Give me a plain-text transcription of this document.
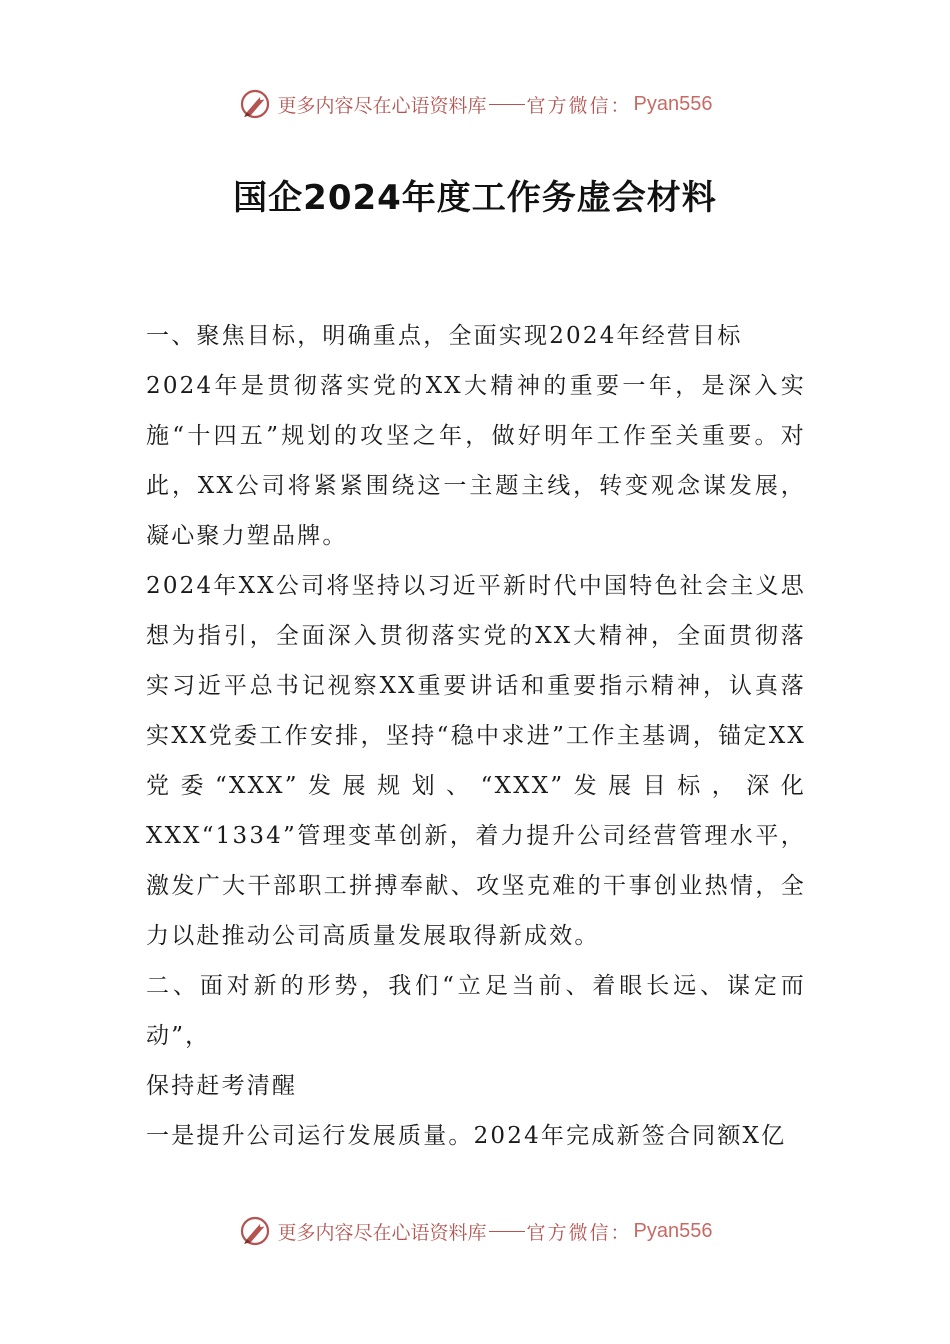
更多内容尽在心语资料库 官方微信： Pyan556
国企2024年度工作务虚会材料

一、聚焦目标，明确重点，全面实现2024年经营目标

2024年是贯彻落实党的XX大精神的重要一年，是深入实施“十四五”规划的攻坚之年，做好明年工作至关重要。对此，XX公司将紧紧围绕这一主题主线，转变观念谋发展，凝心聚力塑品牌。

2024年XX公司将坚持以习近平新时代中国特色社会主义思想为指引，全面深入贯彻落实党的XX大精神，全面贯彻落实习近平总书记视察XX重要讲话和重要指示精神，认真落实XX党委工作安排，坚持“稳中求进”工作主基调，锚定XX党委“XXX”发展规划、“XXX”发展目标，深化XXX“1334”管理变革创新，着力提升公司经营管理水平，激发广大干部职工拼搏奉献、攻坚克难的干事创业热情，全力以赴推动公司高质量发展取得新成效。

二、面对新的形势，我们“立足当前、着眼长远、谋定而动”，

保持赶考清醒

一是提升公司运行发展质量。2024年完成新签合同额X亿

更多内容尽在心语资料库 官方微信： Pyan556
